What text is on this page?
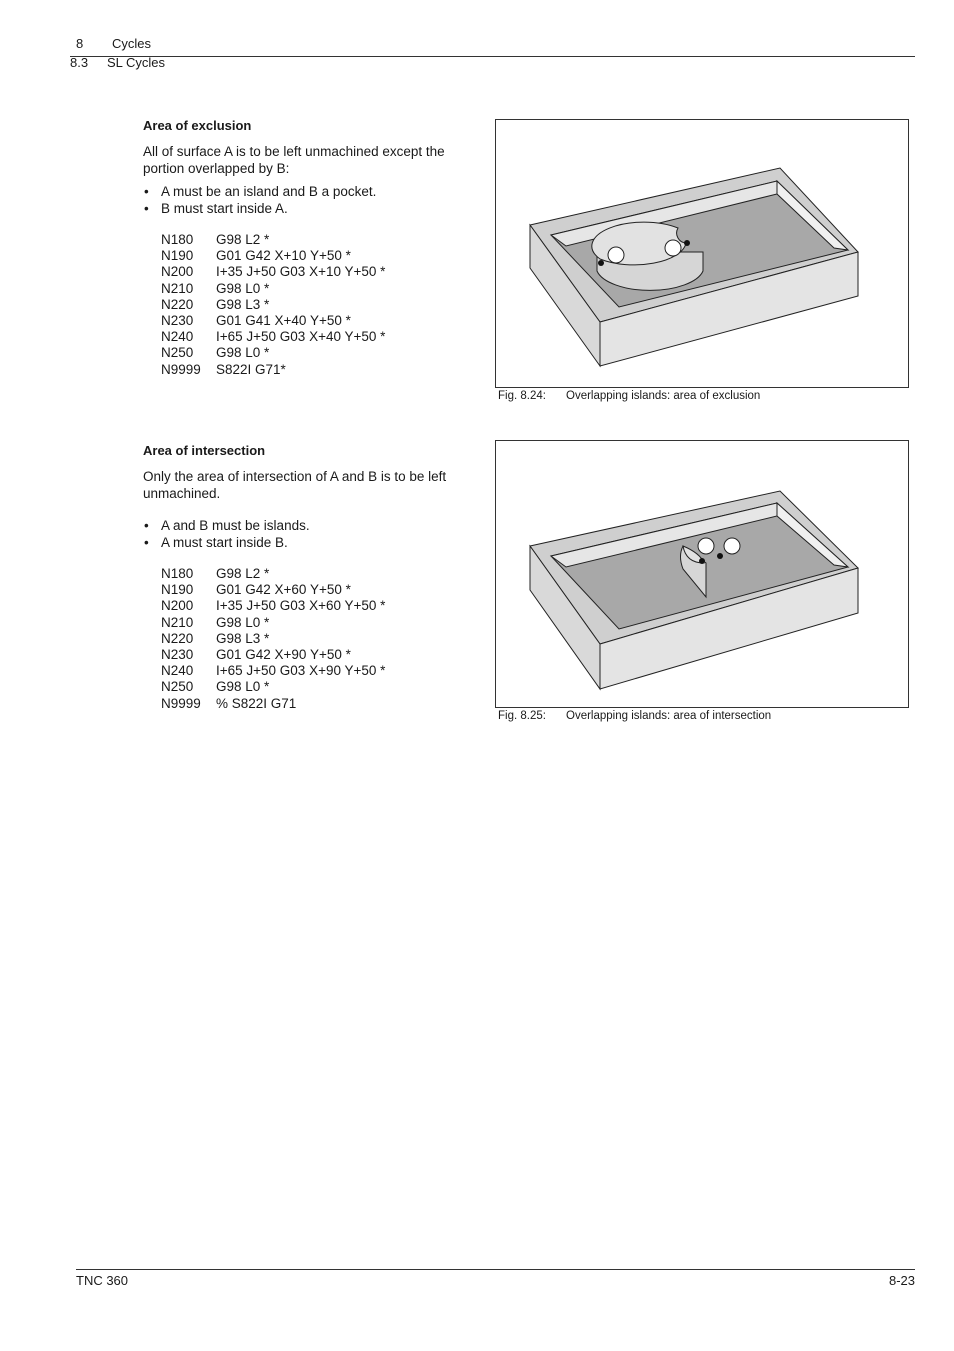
8 Cycles
8.3 SL Cycles
Area of exclusion
All of surface A is to be left unmachined except the portion overlapped by B:
• A must be an island and B a pocket.
• B must start inside A.
N180	G98 L2 *
N190	G01 G42 X+10 Y+50 *
N200	I+35 J+50 G03 X+10 Y+50 *
N210	G98 L0 *
N220	G98 L3 *
N230	G01 G41 X+40 Y+50 *
N240	I+65 J+50 G03 X+40 Y+50 *
N250	G98 L0 *
N9999	S822I G71*
Fig. 8.24:	Overlapping islands: area of exclusion
Area of intersection
Only the area of intersection of A and B is to be left unmachined.
• A and B must be islands.
• A must start inside B.
N180	G98 L2 *
N190	G01 G42 X+60 Y+50 *
N200	I+35 J+50 G03 X+60 Y+50 *
N210	G98 L0 *
N220	G98 L3 *
N230	G01 G42 X+90 Y+50 *
N240	I+65 J+50 G03 X+90 Y+50 *
N250	G98 L0 *
N9999	% S822I G71
Fig. 8.25:	Overlapping islands: area of intersection
TNC 360	8-23
